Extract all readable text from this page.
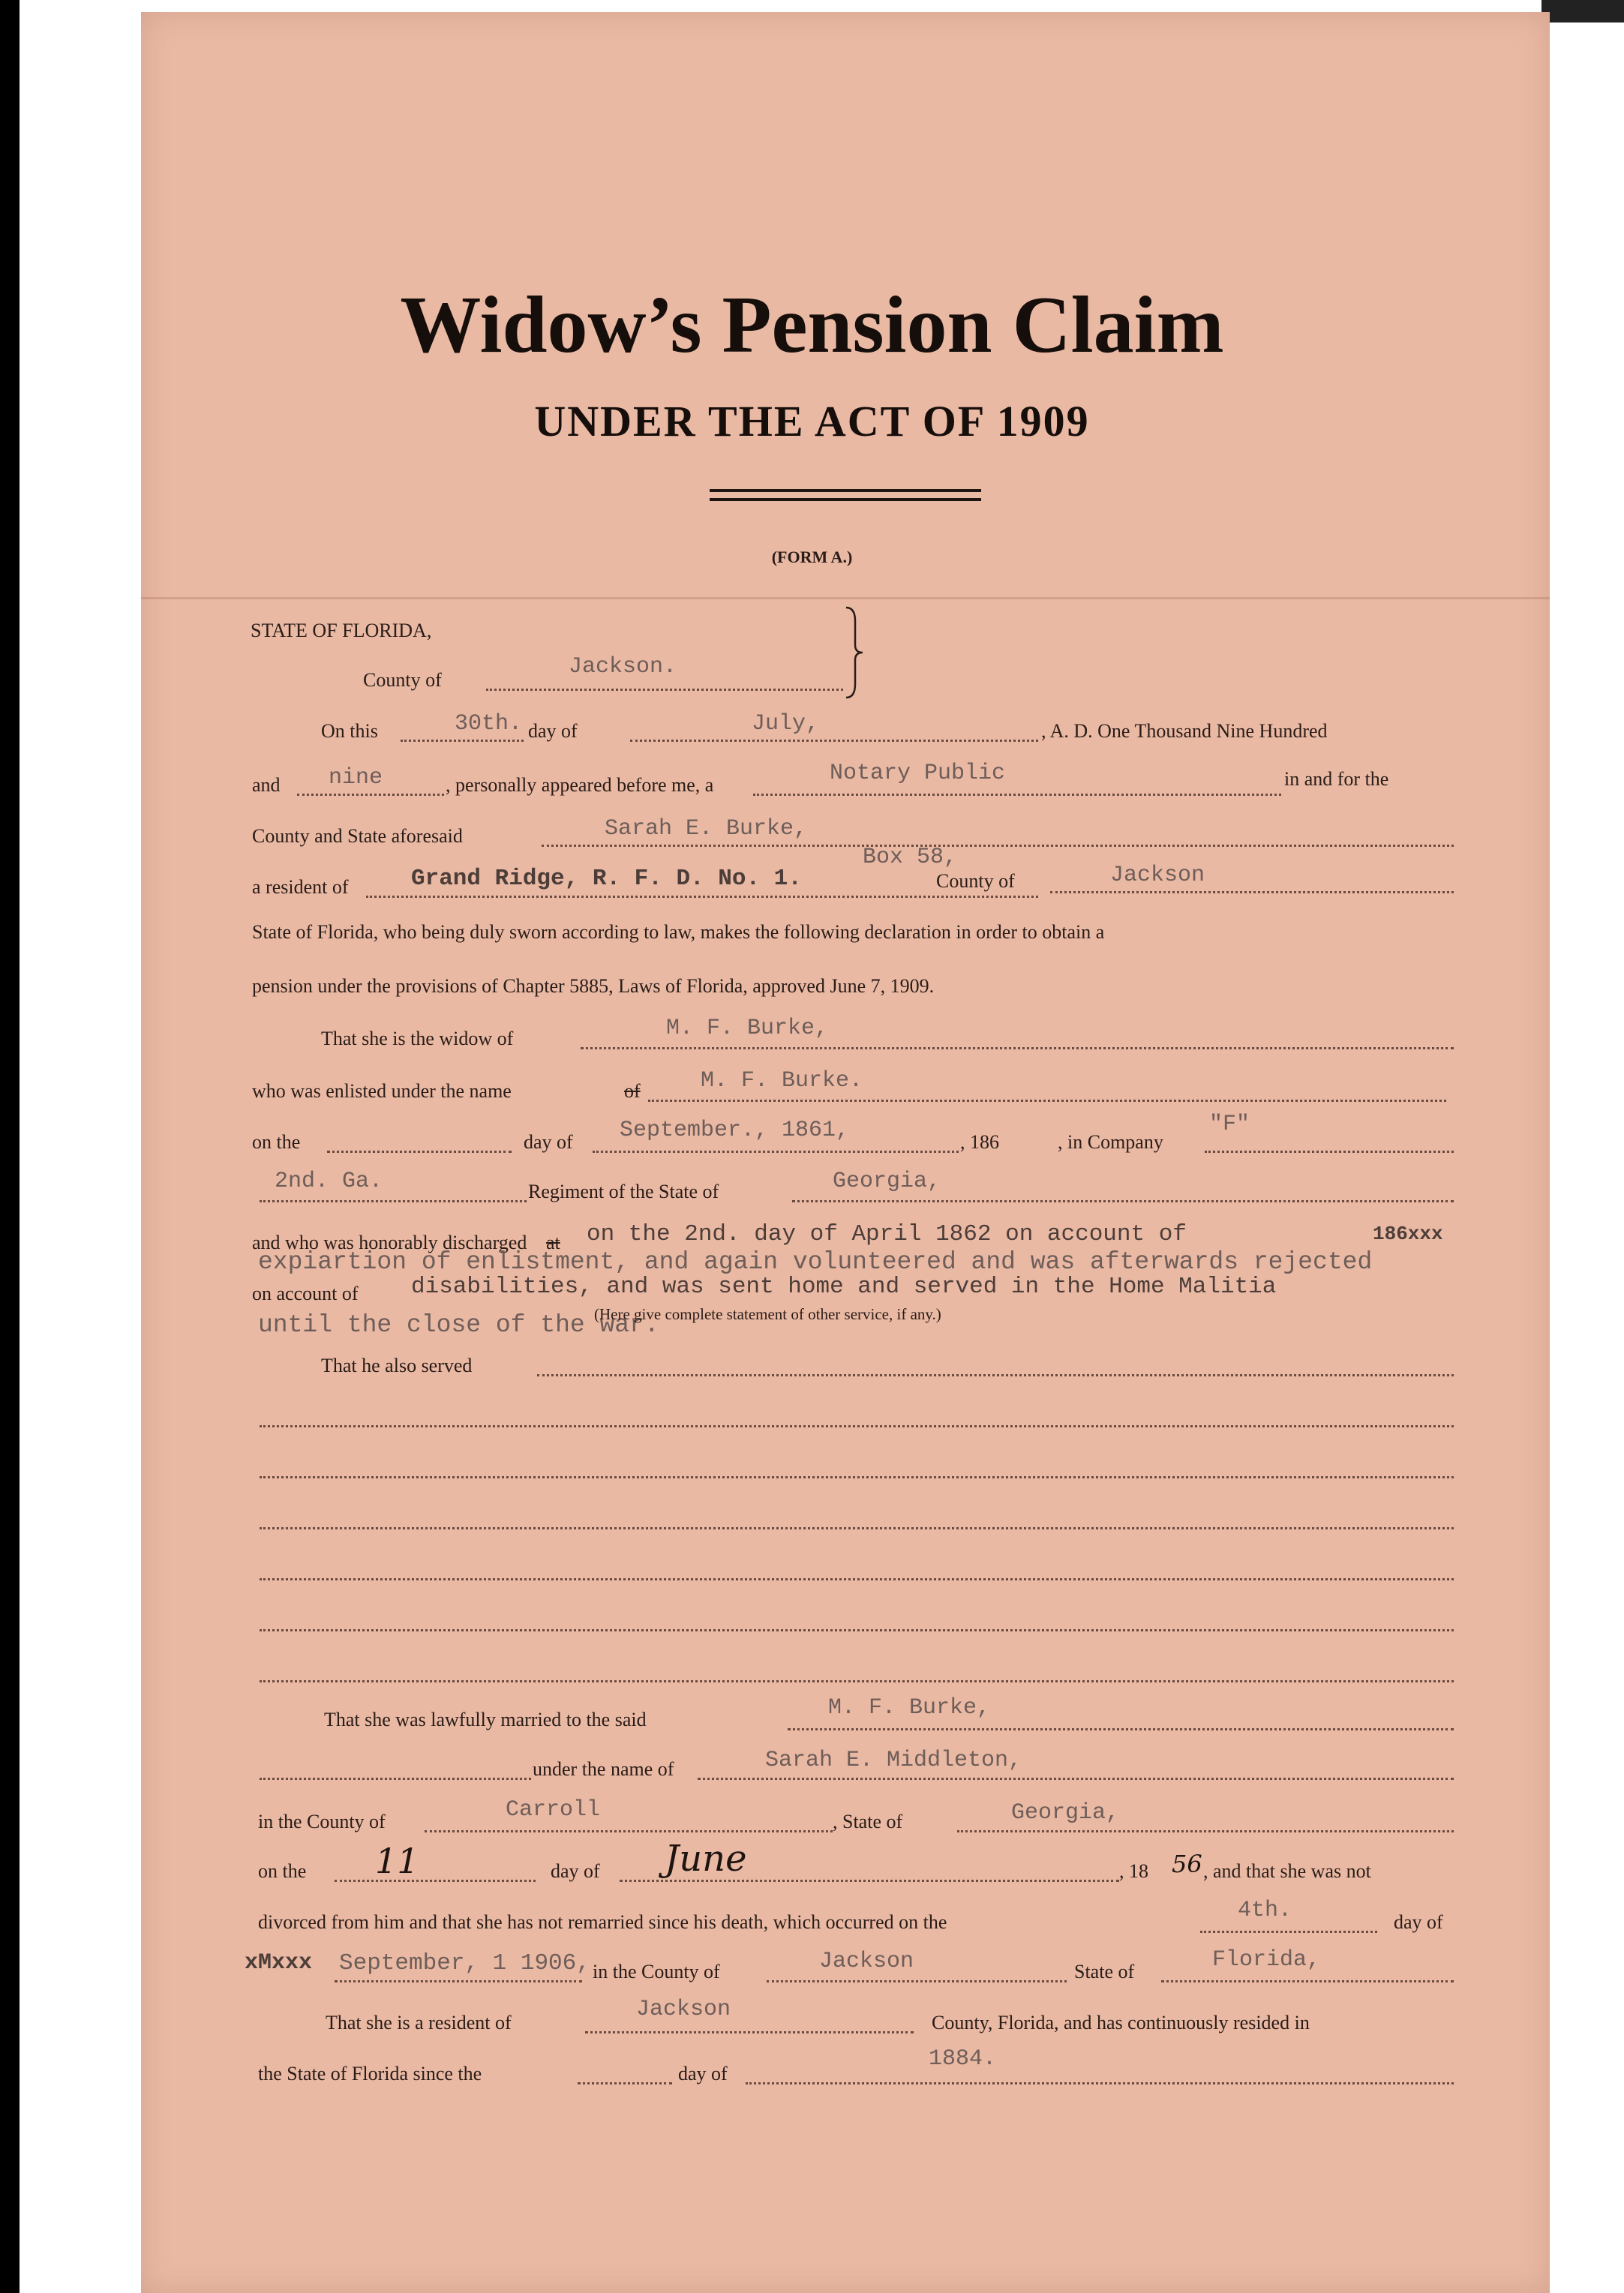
Widow’s Pension Claim
UNDER THE ACT OF 1909
(FORM A.)
STATE OF FLORIDA,
County of
Jackson.
On this	30th. day of	July,	, A. D. One Thousand Nine Hundred
and nine	, personally appeared before me, a	Notary Public	in and for the
County and State aforesaid	Sarah E. Burke,
a resident of	Grand Ridge, R. F. D. No. 1.
Box 58,
County of	Jackson
State of Florida, who being duly sworn according to law, makes the following declaration in order to obtain a
pension under the provisions of Chapter 5885, Laws of Florida, approved June 7, 1909.
That she is the widow of	M. F. Burke,
who was enlisted under the name	of	M. F. Burke.
on the	day of September., 1861,	, 186	, in Company
"F"
2nd. Ga.	Regiment of the State of	Georgia,
and who was honorably discharged at on the 2nd. day of April 1862 on account of	186xxx
expiartion of enlistment, and again volunteered and was afterwards rejected
on account of disabilities, and was sent home and served in the Home Malitia
until the close of the war.
(Here give complete statement of other service, if any.)
That he also served
That she was lawfully married to the said	M. F. Burke,
under the name of	Sarah E. Middleton,
in the County of	Carroll	, State of	Georgia,
on the 11	day of June	, 18 56 , and that she was not
divorced from him and that she has not remarried since his death, which occurred on the	4th.	day of
xMxxx September, 1 1906, in the County of	Jackson	State of	Florida,
That she is a resident of
Jackson
County, Florida, and has continuously resided in
the State of Florida since the	day of
1884.
